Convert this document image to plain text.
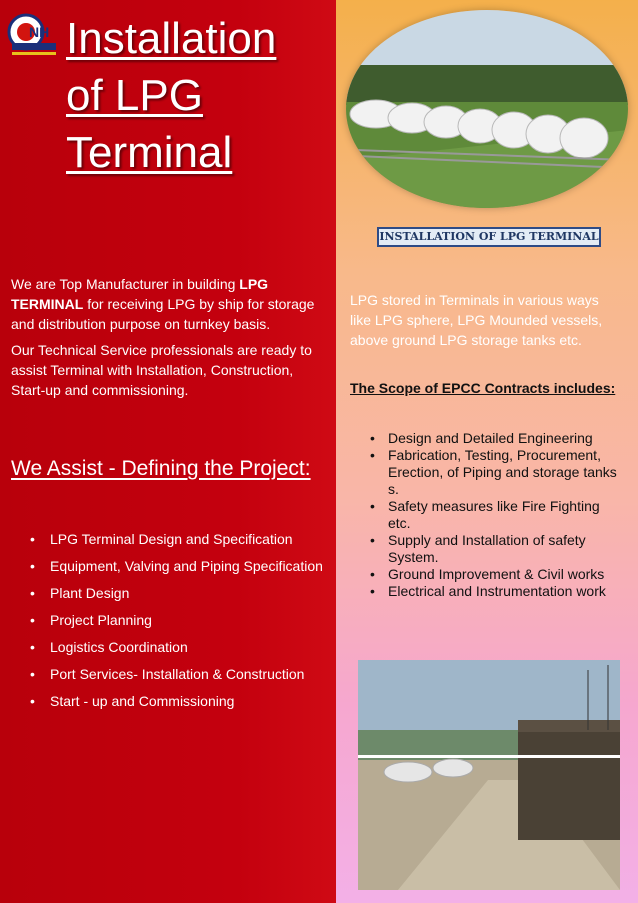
NH Installation
of LPG
Terminal

We are Top Manufacturer in building LPG TERMINAL for receiving LPG by ship for storage and distribution purpose on turnkey basis.

Our Technical Service professionals are ready to assist Terminal with Installation, Construction, Start-up and commissioning.

We Assist - Defining the Project:
• LPG Terminal Design and Specification
• Equipment, Valving and Piping Specification
• Plant Design
• Project Planning
• Logistics Coordination
• Port Services- Installation & Construction
• Start - up and Commissioning
INSTALLATION OF LPG TERMINAL
LPG stored in Terminals in various ways like LPG sphere, LPG Mounded vessels, above ground LPG storage tanks etc.
The Scope of EPCC Contracts includes:
• Design and Detailed Engineering
• Fabrication, Testing, Procurement, Erection, of Piping and storage tanks s.
• Safety measures like Fire Fighting etc.
• Supply and Installation of safety System.
• Ground Improvement & Civil works
• Electrical and Instrumentation work
